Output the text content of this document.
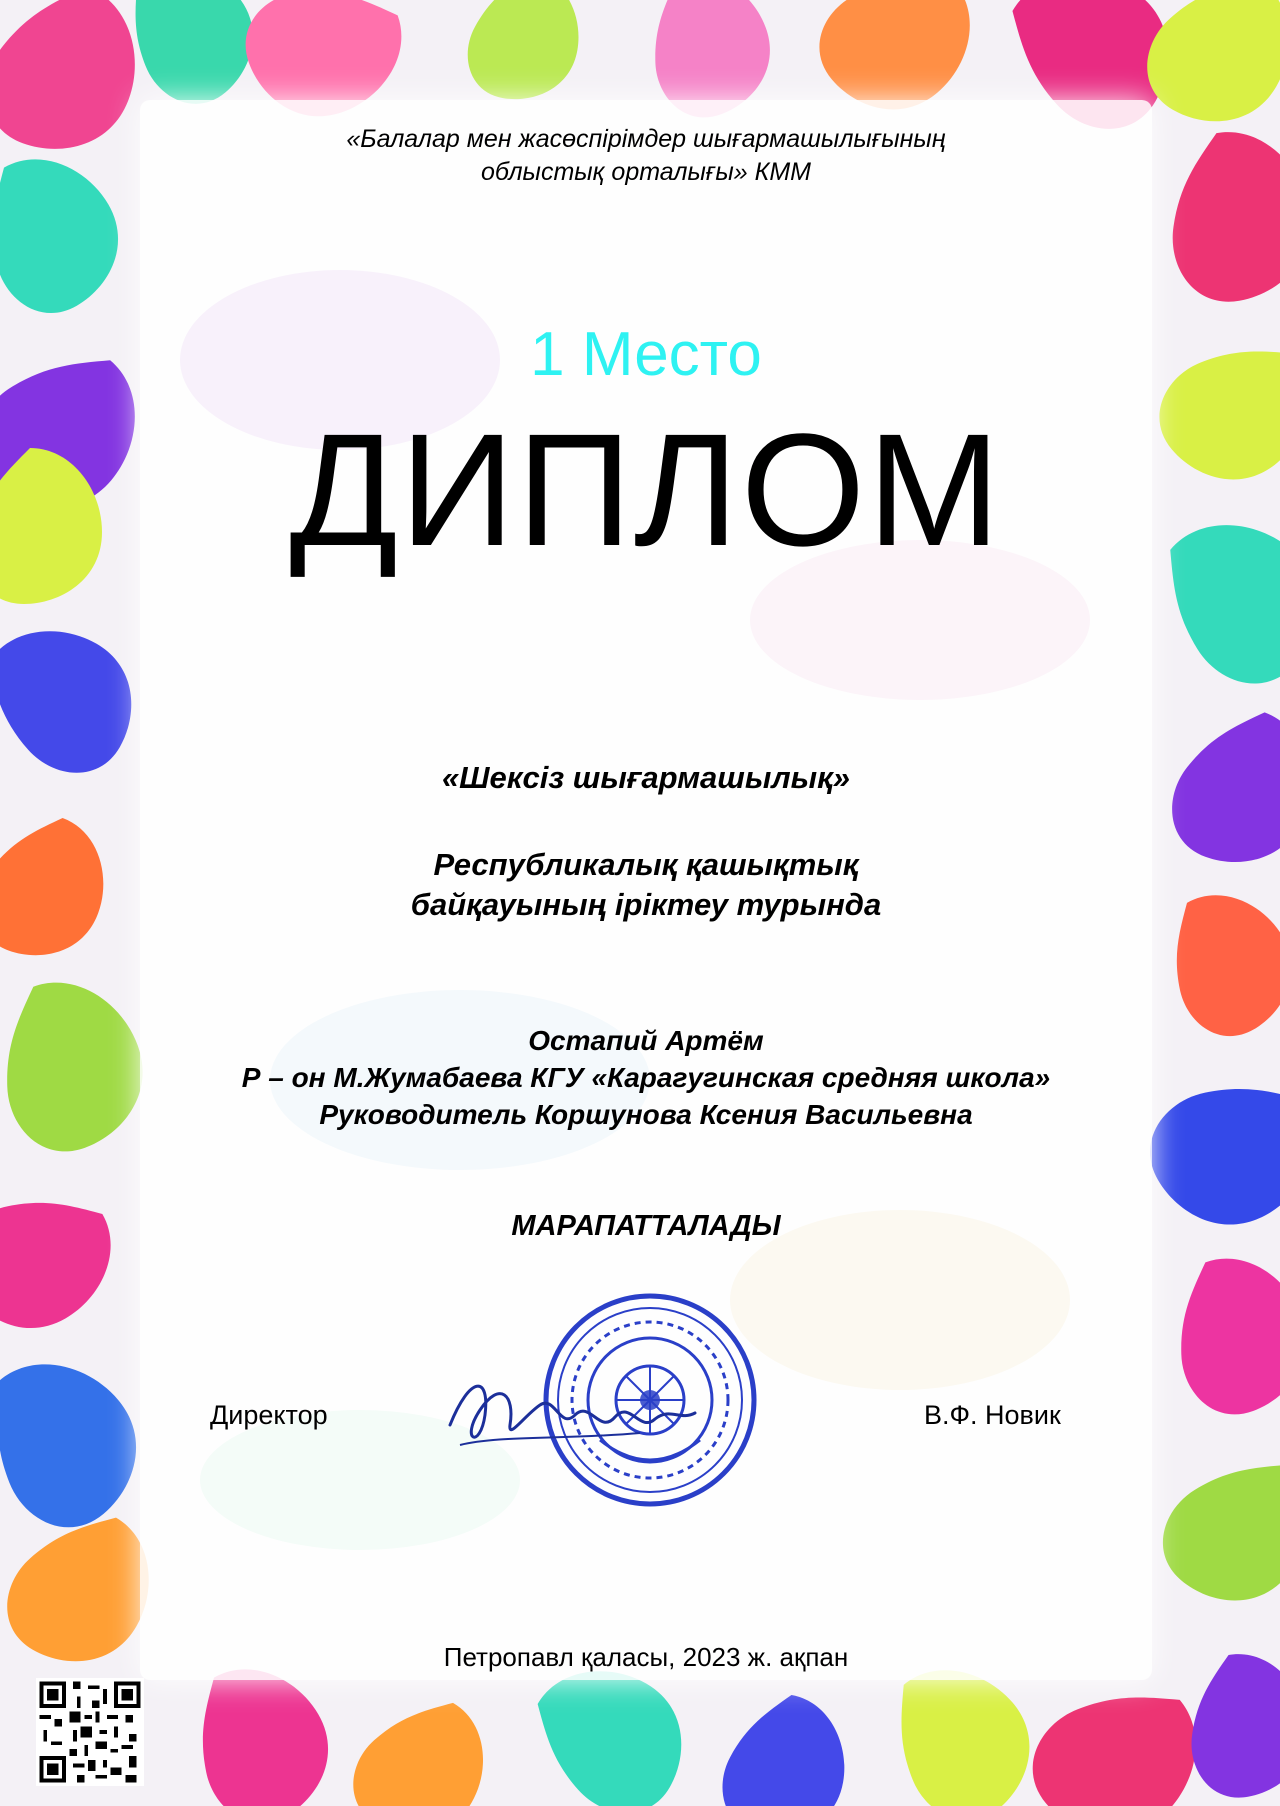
«Балалар мен жасөспірімдер шығармашылығының
облыстық орталығы» КММ
1 Место
ДИПЛОМ
«Шексіз шығармашылық»
Республикалық қашықтық
байқауының іріктеу турында
Остапий Артём
Р – он М.Жумабаева КГУ «Карагугинская средняя школа»
Руководитель Коршунова Ксения Васильевна
МАРАПАТТАЛАДЫ
Директор	В.Ф. Новик
Петропавл қаласы, 2023 ж. ақпан
